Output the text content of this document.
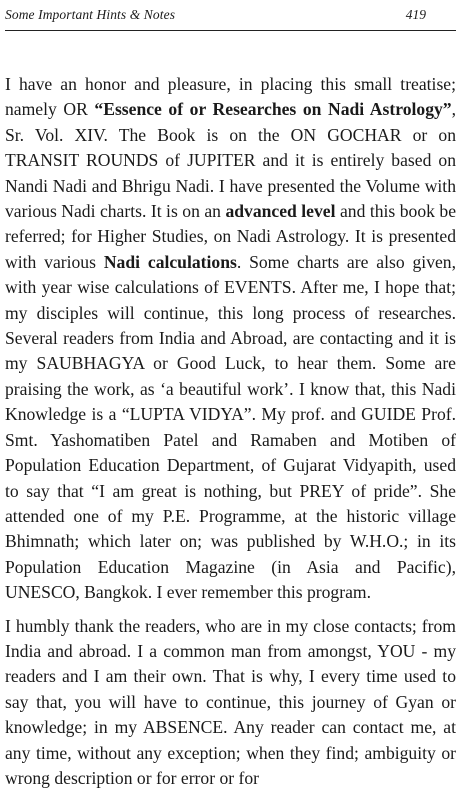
Some Important Hints & Notes	419

I have an honor and pleasure, in placing this small treatise; namely OR “Essence of or Researches on Nadi Astrology”, Sr. Vol. XIV. The Book is on the ON GOCHAR or on TRANSIT ROUNDS of JUPITER and it is entirely based on Nandi Nadi and Bhrigu Nadi. I have presented the Volume with various Nadi charts. It is on an advanced level and this book be referred; for Higher Studies, on Nadi Astrology. It is presented with various Nadi calculations. Some charts are also given, with year wise calculations of EVENTS. After me, I hope that; my disciples will continue, this long process of researches. Several readers from India and Abroad, are contacting and it is my SAUBHAGYA or Good Luck, to hear them. Some are praising the work, as ‘a beautiful work’. I know that, this Nadi Knowledge is a “LUPTA VIDYA”. My prof. and GUIDE Prof. Smt. Yashomatiben Patel and Ramaben and Motiben of Population Education Department, of Gujarat Vidyapith, used to say that “I am great is nothing, but PREY of pride”. She attended one of my P.E. Programme, at the historic village Bhimnath; which later on; was published by W.H.O.; in its Population Education Magazine (in Asia and Pacific), UNESCO, Bangkok. I ever remember this program.

I humbly thank the readers, who are in my close contacts; from India and abroad. I a common man from amongst, YOU - my readers and I am their own. That is why, I every time used to say that, you will have to continue, this journey of Gyan or knowledge; in my ABSENCE. Any reader can contact me, at any time, without any exception; when they find; ambiguity or wrong description or for error or for
